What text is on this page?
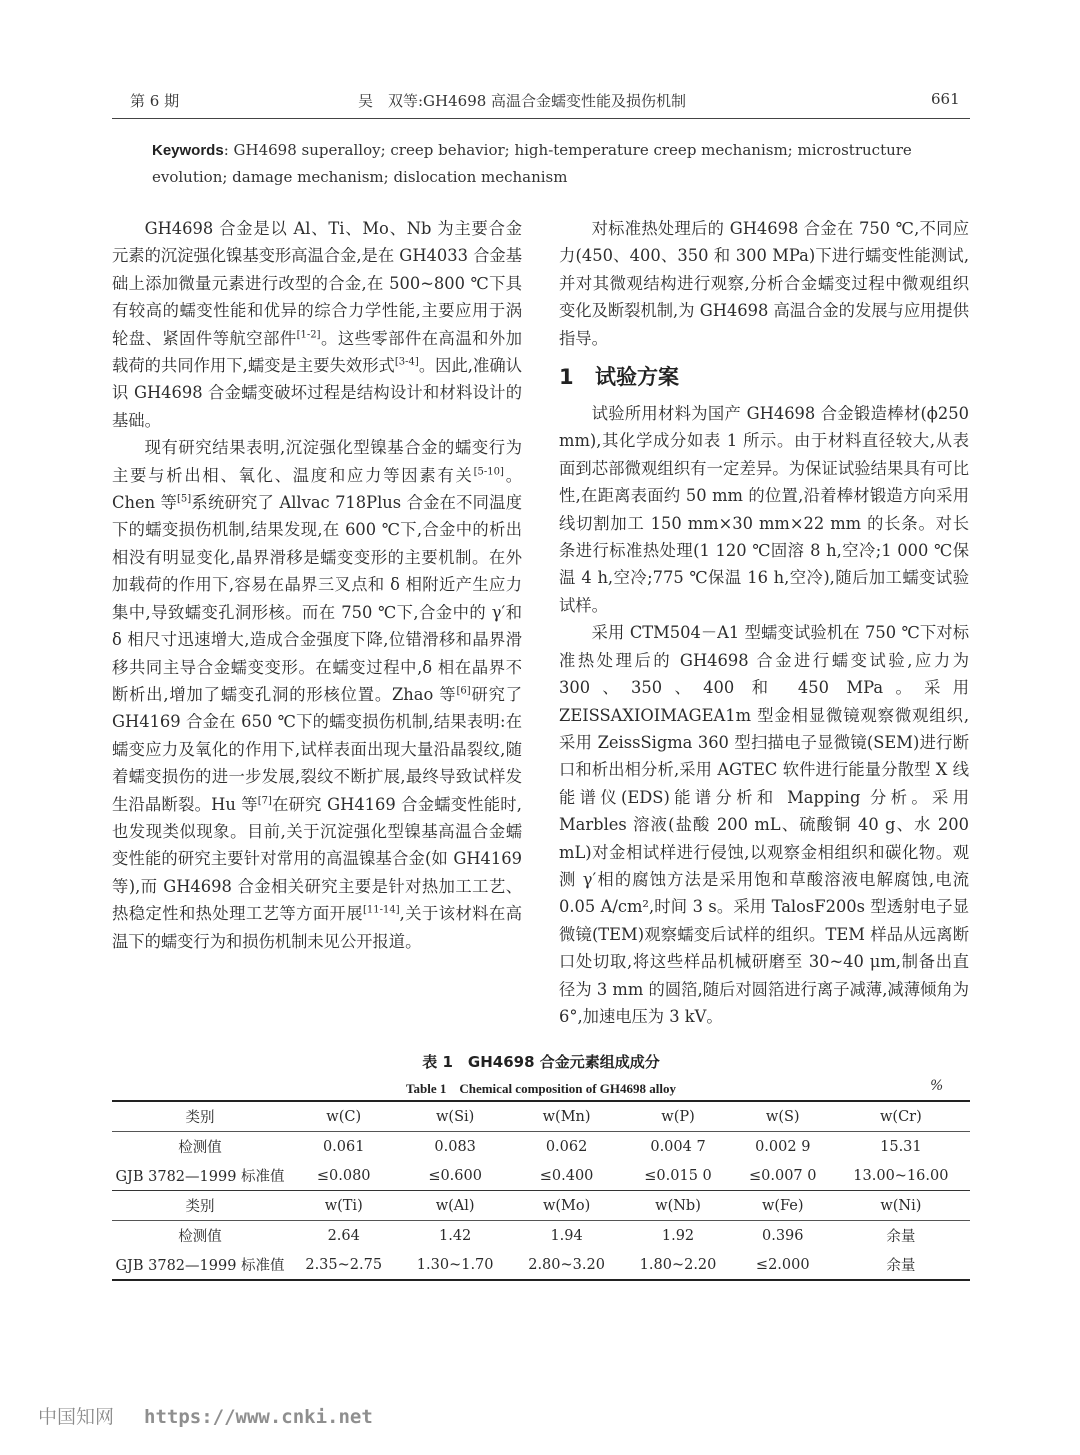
第 6 期	吴　双等:GH4698 高温合金蠕变性能及损伤机制	661
Keywords: GH4698 superalloy; creep behavior; high-temperature creep mechanism; microstructure evolution; damage mechanism; dislocation mechanism

GH4698 合金是以 Al、Ti、Mo、Nb 为主要合金元素的沉淀强化镍基变形高温合金,是在 GH4033 合金基础上添加微量元素进行改型的合金,在 500~800 ℃下具有较高的蠕变性能和优异的综合力学性能,主要应用于涡轮盘、紧固件等航空部件[1-2]。这些零部件在高温和外加载荷的共同作用下,蠕变是主要失效形式[3-4]。因此,准确认识 GH4698 合金蠕变破坏过程是结构设计和材料设计的基础。

现有研究结果表明,沉淀强化型镍基合金的蠕变行为主要与析出相、氧化、温度和应力等因素有关[5-10]。Chen 等[5]系统研究了 Allvac 718Plus 合金在不同温度下的蠕变损伤机制,结果发现,在 600 ℃下,合金中的析出相没有明显变化,晶界滑移是蠕变变形的主要机制。在外加载荷的作用下,容易在晶界三叉点和 δ 相附近产生应力集中,导致蠕变孔洞形核。而在 750 ℃下,合金中的 γ′和 δ 相尺寸迅速增大,造成合金强度下降,位错滑移和晶界滑移共同主导合金蠕变变形。在蠕变过程中,δ 相在晶界不断析出,增加了蠕变孔洞的形核位置。Zhao 等[6]研究了 GH4169 合金在 650 ℃下的蠕变损伤机制,结果表明:在蠕变应力及氧化的作用下,试样表面出现大量沿晶裂纹,随着蠕变损伤的进一步发展,裂纹不断扩展,最终导致试样发生沿晶断裂。Hu 等[7]在研究 GH4169 合金蠕变性能时,也发现类似现象。目前,关于沉淀强化型镍基高温合金蠕变性能的研究主要针对常用的高温镍基合金(如 GH4169 等),而 GH4698 合金相关研究主要是针对热加工工艺、热稳定性和热处理工艺等方面开展[11-14],关于该材料在高温下的蠕变行为和损伤机制未见公开报道。

对标准热处理后的 GH4698 合金在 750 ℃,不同应力(450、400、350 和 300 MPa)下进行蠕变性能测试,并对其微观结构进行观察,分析合金蠕变过程中微观组织变化及断裂机制,为 GH4698 高温合金的发展与应用提供指导。

1 试验方案

试验所用材料为国产 GH4698 合金锻造棒材(ϕ250 mm),其化学成分如表 1 所示。由于材料直径较大,从表面到芯部微观组织有一定差异。为保证试验结果具有可比性,在距离表面约 50 mm 的位置,沿着棒材锻造方向采用线切割加工 150 mm×30 mm×22 mm 的长条。对长条进行标准热处理(1 120 ℃固溶 8 h,空冷;1 000 ℃保温 4 h,空冷;775 ℃保温 16 h,空冷),随后加工蠕变试验试样。

采用 CTM504－A1 型蠕变试验机在 750 ℃下对标准热处理后的 GH4698 合金进行蠕变试验,应力为 300、350、400 和 450 MPa。采用 ZEISSAXIOIMAGEA1m 型金相显微镜观察微观组织,采用 ZeissSigma 360 型扫描电子显微镜(SEM)进行断口和析出相分析,采用 AGTEC 软件进行能量分散型 X 线能谱仪(EDS)能谱分析和 Mapping 分析。采用 Marbles 溶液(盐酸 200 mL、硫酸铜 40 g、水 200 mL)对金相试样进行侵蚀,以观察金相组织和碳化物。观测 γ′相的腐蚀方法是采用饱和草酸溶液电解腐蚀,电流 0.05 A/cm²,时间 3 s。采用 TalosF200s 型透射电子显微镜(TEM)观察蠕变后试样的组织。TEM 样品从远离断口处切取,将这些样品机械研磨至 30~40 μm,制备出直径为 3 mm 的圆箔,随后对圆箔进行离子减薄,减薄倾角为 6°,加速电压为 3 kV。

表 1　GH4698 合金元素组成成分
Table 1　Chemical composition of GH4698 alloy	%
类别	w(C)	w(Si)	w(Mn)	w(P)	w(S)	w(Cr)
检测值	0.061	0.083	0.062	0.004 7	0.002 9	15.31
GJB 3782—1999 标准值	≤0.080	≤0.600	≤0.400	≤0.015 0	≤0.007 0	13.00~16.00
类别	w(Ti)	w(Al)	w(Mo)	w(Nb)	w(Fe)	w(Ni)
检测值	2.64	1.42	1.94	1.92	0.396	余量
GJB 3782—1999 标准值	2.35~2.75	1.30~1.70	2.80~3.20	1.80~2.20	≤2.000	余量
中国知网 https://www.cnki.net
